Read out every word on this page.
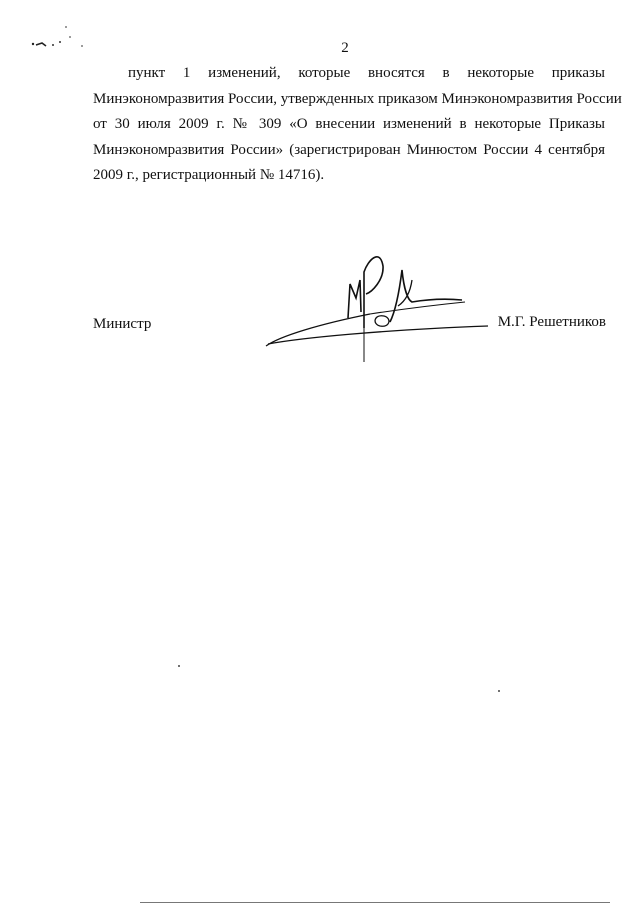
2
пункт 1 изменений, которые вносятся в некоторые приказы
Минэкономразвития России, утвержденных приказом Минэкономразвития России
от 30 июля 2009 г. № 309 «О внесении изменений в некоторые Приказы
Минэкономразвития России» (зарегистрирован Минюстом России 4 сентября
2009 г., регистрационный № 14716).
Министр	М.Г. Решетников
